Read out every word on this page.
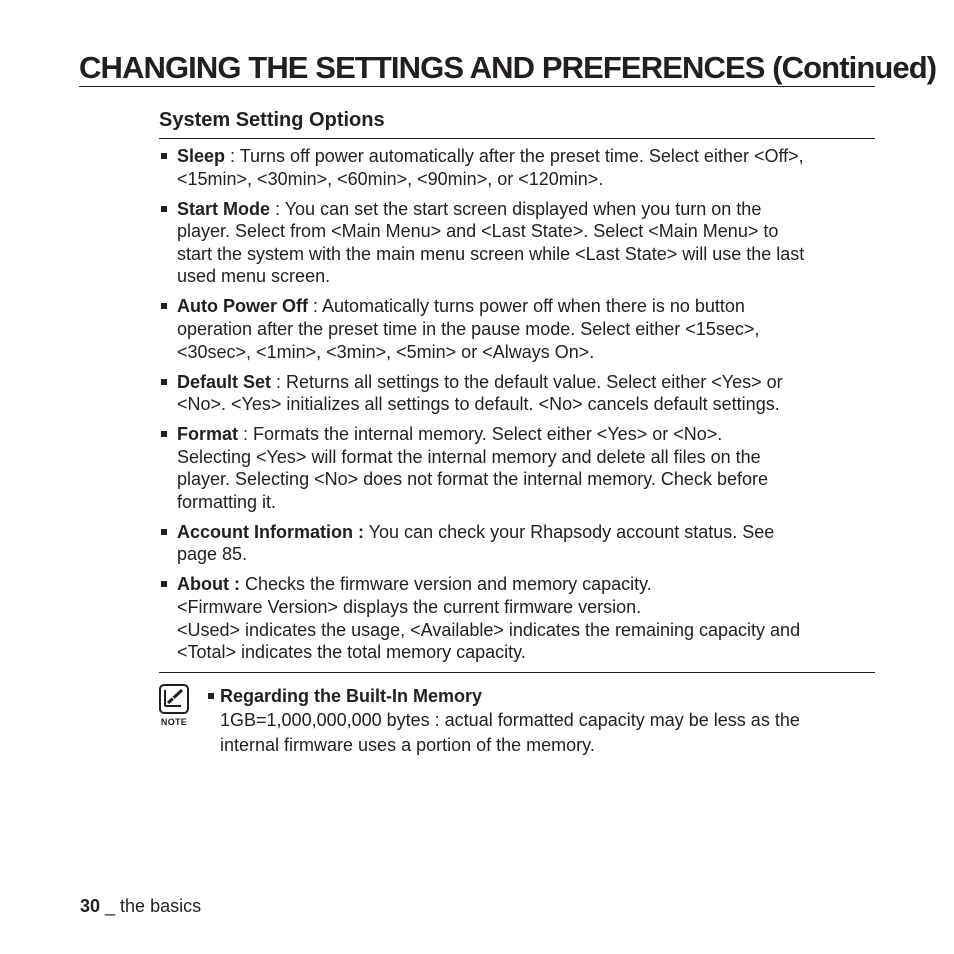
CHANGING THE SETTINGS AND PREFERENCES (Continued)
System Setting Options
Sleep : Turns off power automatically after the preset time. Select either <Off>,
<15min>, <30min>, <60min>, <90min>, or <120min>.
Start Mode : You can set the start screen displayed when you turn on the
player. Select from <Main Menu> and <Last State>. Select <Main Menu> to
start the system with the main menu screen while <Last State> will use the last
used menu screen.
Auto Power Off : Automatically turns power off when there is no button
operation after the preset time in the pause mode. Select either <15sec>,
<30sec>, <1min>, <3min>, <5min> or <Always On>.
Default Set : Returns all settings to the default value. Select either <Yes> or
<No>. <Yes> initializes all settings to default. <No> cancels default settings.
Format : Formats the internal memory. Select either <Yes> or <No>.
Selecting <Yes> will format the internal memory and delete all files on the
player. Selecting <No> does not format the internal memory. Check before
formatting it.
Account Information : You can check your Rhapsody account status. See
page 85.
About : Checks the firmware version and memory capacity.
<Firmware Version> displays the current firmware version.
<Used> indicates the usage, <Available> indicates the remaining capacity and
<Total> indicates the total memory capacity.
NOTE
Regarding the Built-In Memory
1GB=1,000,000,000 bytes : actual formatted capacity may be less as the
internal firmware uses a portion of the memory.
30 _ the basics
